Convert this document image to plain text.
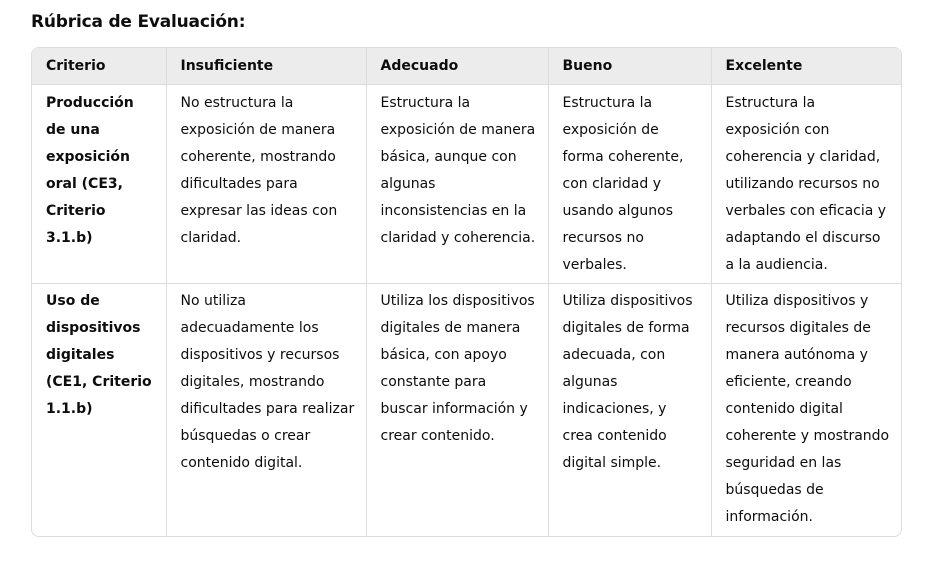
Rúbrica de Evaluación:
Criterio	Insuficiente	Adecuado	Bueno	Excelente
Producción de una exposición oral (CE3, Criterio 3.1.b)	No estructura la exposición de manera coherente, mostrando dificultades para expresar las ideas con claridad.	Estructura la exposición de manera básica, aunque con algunas inconsistencias en la claridad y coherencia.	Estructura la exposición de forma coherente, con claridad y usando algunos recursos no verbales.	Estructura la exposición con coherencia y claridad, utilizando recursos no verbales con eficacia y adaptando el discurso a la audiencia.
Uso de dispositivos digitales (CE1, Criterio 1.1.b)	No utiliza adecuadamente los dispositivos y recursos digitales, mostrando dificultades para realizar búsquedas o crear contenido digital.	Utiliza los dispositivos digitales de manera básica, con apoyo constante para buscar información y crear contenido.	Utiliza dispositivos digitales de forma adecuada, con algunas indicaciones, y crea contenido digital simple.	Utiliza dispositivos y recursos digitales de manera autónoma y eficiente, creando contenido digital coherente y mostrando seguridad en las búsquedas de información.
